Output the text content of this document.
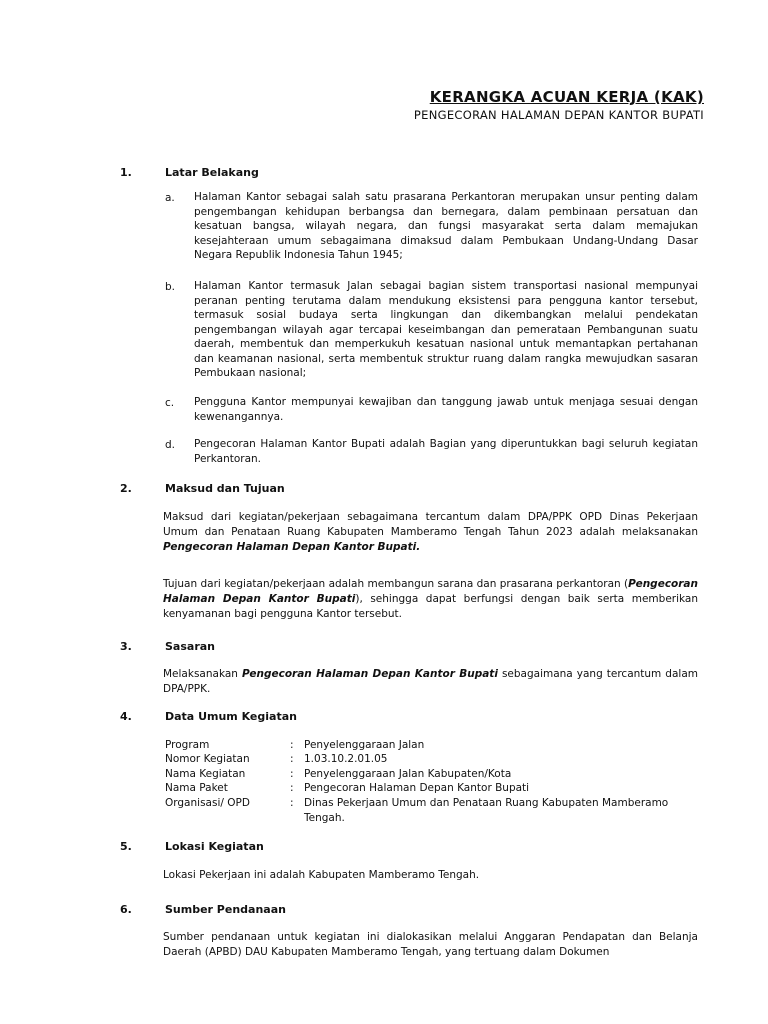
KERANGKA ACUAN KERJA (KAK)
PENGECORAN HALAMAN DEPAN KANTOR BUPATI
1.	Latar Belakang
a. Halaman Kantor sebagai salah satu prasarana Perkantoran merupakan unsur penting dalam pengembangan kehidupan berbangsa dan bernegara, dalam pembinaan persatuan dan kesatuan bangsa, wilayah negara, dan fungsi masyarakat serta dalam memajukan kesejahteraan umum sebagaimana dimaksud dalam Pembukaan Undang-Undang Dasar Negara Republik Indonesia Tahun 1945;
b. Halaman Kantor termasuk Jalan sebagai bagian sistem transportasi nasional mempunyai peranan penting terutama dalam mendukung eksistensi para pengguna kantor tersebut, termasuk sosial budaya serta lingkungan dan dikembangkan melalui pendekatan pengembangan wilayah agar tercapai keseimbangan dan pemerataan Pembangunan suatu daerah, membentuk dan memperkukuh kesatuan nasional untuk memantapkan pertahanan dan keamanan nasional, serta membentuk struktur ruang dalam rangka mewujudkan sasaran Pembukaan nasional;
c. Pengguna Kantor mempunyai kewajiban dan tanggung jawab untuk menjaga sesuai dengan kewenangannya.
d. Pengecoran Halaman Kantor Bupati adalah Bagian yang diperuntukkan bagi seluruh kegiatan Perkantoran.
2.	Maksud dan Tujuan
Maksud dari kegiatan/pekerjaan sebagaimana tercantum dalam DPA/PPK OPD Dinas Pekerjaan Umum dan Penataan Ruang Kabupaten Mamberamo Tengah Tahun 2023 adalah melaksanakan Pengecoran Halaman Depan Kantor Bupati.
Tujuan dari kegiatan/pekerjaan adalah membangun sarana dan prasarana perkantoran (Pengecoran Halaman Depan Kantor Bupati), sehingga dapat berfungsi dengan baik serta memberikan kenyamanan bagi pengguna Kantor tersebut.
3.	Sasaran
Melaksanakan Pengecoran Halaman Depan Kantor Bupati sebagaimana yang tercantum dalam DPA/PPK.
4.	Data Umum Kegiatan
Program	: Penyelenggaraan Jalan
Nomor Kegiatan	: 1.03.10.2.01.05
Nama Kegiatan	: Penyelenggaraan Jalan Kabupaten/Kota
Nama Paket	: Pengecoran Halaman Depan Kantor Bupati
Organisasi/ OPD	: Dinas Pekerjaan Umum dan Penataan Ruang Kabupaten Mamberamo Tengah.
5.	Lokasi Kegiatan
Lokasi Pekerjaan ini adalah Kabupaten Mamberamo Tengah.
6.	Sumber Pendanaan
Sumber pendanaan untuk kegiatan ini dialokasikan melalui Anggaran Pendapatan dan Belanja Daerah (APBD) DAU Kabupaten Mamberamo Tengah, yang tertuang dalam Dokumen
